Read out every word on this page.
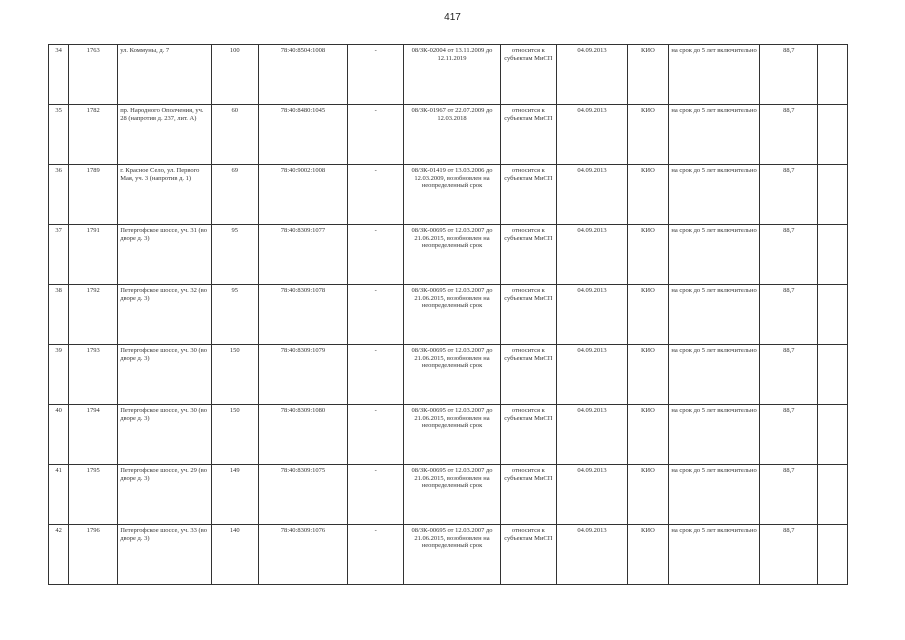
417
34	1763	ул. Коммуны, д. 7	100	78:40:8504:1008	-	08/ЗК-02004 от 13.11.2009 до 12.11.2019	относится к субъектам МиСП	04.09.2013	КИО	на срок до 5 лет включительно	88,7	
35	1782	пр. Народного Ополчения, уч. 28 (напротив д. 237, лит. А)	60	78:40:8480:1045	-	08/ЗК-01967 от 22.07.2009 до 12.03.2018	относится к субъектам МиСП	04.09.2013	КИО	на срок до 5 лет включительно	88,7	
36	1789	г. Красное Село, ул. Первого Мая, уч. 3 (напротив д. 1)	69	78:40:9002:1008	-	08/ЗК-01419 от 13.03.2006 до 12.03.2009, возобновлен на неопределенный срок	относится к субъектам МиСП	04.09.2013	КИО	на срок до 5 лет включительно	88,7	
37	1791	Петергофское шоссе, уч. 31 (во дворе д. 3)	95	78:40:8309:1077	-	08/ЗК-00695 от 12.03.2007 до 21.06.2015, возобновлен на неопределенный срок	относится к субъектам МиСП	04.09.2013	КИО	на срок до 5 лет включительно	88,7	
38	1792	Петергофское шоссе, уч. 32 (во дворе д. 3)	95	78:40:8309:1078	-	08/ЗК-00695 от 12.03.2007 до 21.06.2015, возобновлен на неопределенный срок	относится к субъектам МиСП	04.09.2013	КИО	на срок до 5 лет включительно	88,7	
39	1793	Петергофское шоссе, уч. 30 (во дворе д. 3)	150	78:40:8309:1079	-	08/ЗК-00695 от 12.03.2007 до 21.06.2015, возобновлен на неопределенный срок	относится к субъектам МиСП	04.09.2013	КИО	на срок до 5 лет включительно	88,7	
40	1794	Петергофское шоссе, уч. 30 (во дворе д. 3)	150	78:40:8309:1080	-	08/ЗК-00695 от 12.03.2007 до 21.06.2015, возобновлен на неопределенный срок	относится к субъектам МиСП	04.09.2013	КИО	на срок до 5 лет включительно	88,7	
41	1795	Петергофское шоссе, уч. 29 (во дворе д. 3)	149	78:40:8309:1075	-	08/ЗК-00695 от 12.03.2007 до 21.06.2015, возобновлен на неопределенный срок	относится к субъектам МиСП	04.09.2013	КИО	на срок до 5 лет включительно	88,7	
42	1796	Петергофское шоссе, уч. 33 (во дворе д. 3)	140	78:40:8309:1076	-	08/ЗК-00695 от 12.03.2007 до 21.06.2015, возобновлен на неопределенный срок	относится к субъектам МиСП	04.09.2013	КИО	на срок до 5 лет включительно	88,7	
